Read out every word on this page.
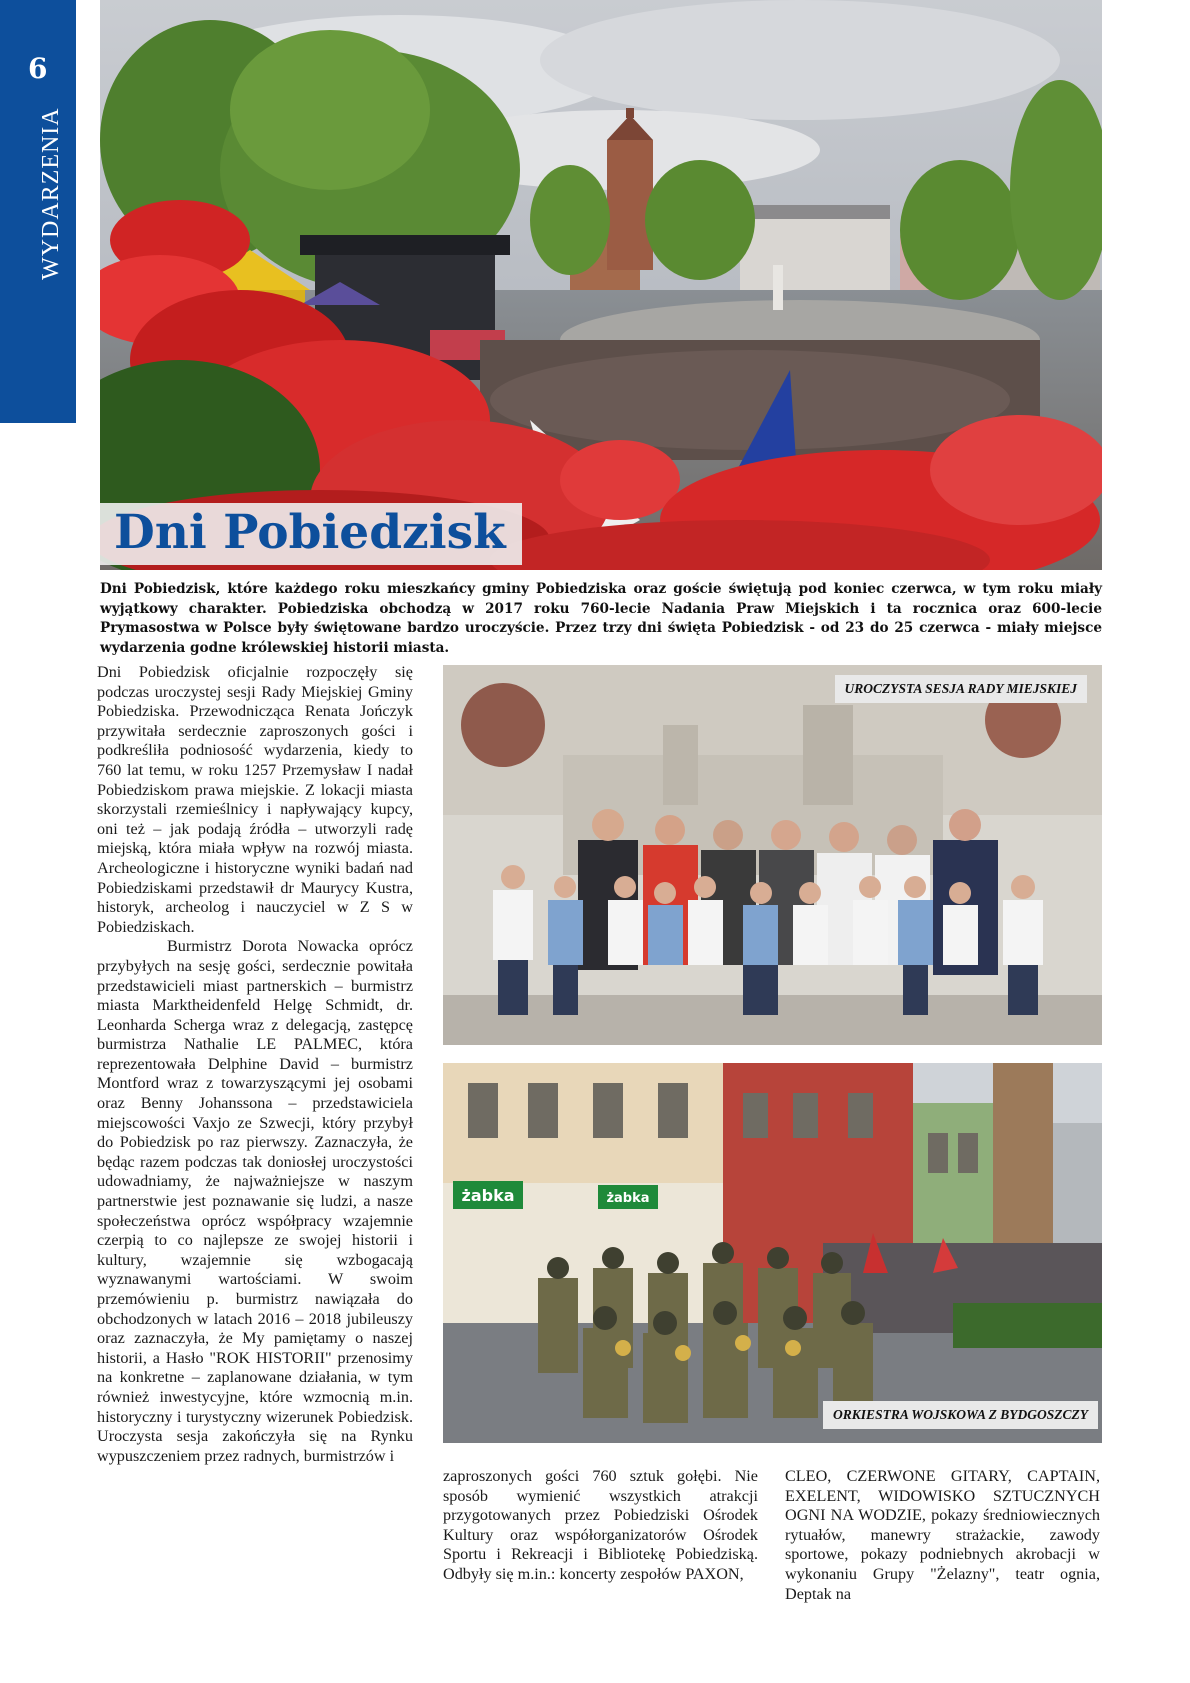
6
WYDARZENIA
Dni Pobiedzisk
Dni Pobiedzisk, które każdego roku mieszkańcy gminy Pobiedziska oraz goście świętują pod koniec czerwca, w tym roku miały wyjątkowy charakter. Pobiedziska obchodzą w 2017 roku 760-lecie Nadania Praw Miejskich i ta rocznica oraz 600-lecie Prymasostwa w Polsce były świętowane bardzo uroczyście. Przez trzy dni święta Pobiedzisk - od 23 do 25 czerwca - miały miejsce wydarzenia godne królewskiej historii miasta.

Dni Pobiedzisk oficjalnie rozpoczęły się podczas uroczystej sesji Rady Miejskiej Gminy Pobiedziska. Przewodnicząca Renata Jończyk przywitała serdecznie zaproszonych gości i podkreśliła podniosość wydarzenia, kiedy to 760 lat temu, w roku 1257 Przemysław I nadał Pobiedziskom prawa miejskie. Z lokacji miasta skorzystali rzemieślnicy i napływający kupcy, oni też – jak podają źródła – utworzyli radę miejską, która miała wpływ na rozwój miasta. Archeologiczne i historyczne wyniki badań nad Pobiedziskami przedstawił dr Maurycy Kustra, historyk, archeolog i nauczyciel w Z S w Pobiedziskach.

Burmistrz Dorota Nowacka oprócz przybyłych na sesję gości, serdecznie powitała przedstawicieli miast partnerskich – burmistrz miasta Marktheidenfeld Helgę Schmidt, dr. Leonharda Scherga wraz z delegacją, zastępcę burmistrza Nathalie LE PALMEC, która reprezentowała Delphine David – burmistrz Montford wraz z towarzyszącymi jej osobami oraz Benny Johanssona – przedstawiciela miejscowości Vaxjo ze Szwecji, który przybył do Pobiedzisk po raz pierwszy. Zaznaczyła, że będąc razem podczas tak doniosłej uroczystości udowadniamy, że najważniejsze w naszym partnerstwie jest poznawanie się ludzi, a nasze społeczeństwa oprócz współpracy wzajemnie czerpią to co najlepsze ze swojej historii i kultury, wzajemnie się wzbogacają wyznawanymi wartościami. W swoim przemówieniu p. burmistrz nawiązała do obchodzonych w latach 2016 – 2018 jubileuszy oraz zaznaczyła, że My pamiętamy o naszej historii, a Hasło "ROK HISTORII" przenosimy na konkretne – zaplanowane działania, w tym również inwestycyjne, które wzmocnią m.in. historyczny i turystyczny wizerunek Pobiedzisk. Uroczysta sesja zakończyła się na Rynku wypuszczeniem przez radnych, burmistrzów i

UROCZYSTA SESJA RADY MIEJSKIEJ
żabka	żabka
ORKIESTRA WOJSKOWA Z BYDGOSZCZY
zaproszonych gości 760 sztuk gołębi. Nie sposób wymienić wszystkich atrakcji przygotowanych przez Pobiedziski Ośrodek Kultury oraz współorganizatorów Ośrodek Sportu i Rekreacji i Bibliotekę Pobiedziską. Odbyły się m.in.: koncerty zespołów PAXON,
CLEO, CZERWONE GITARY, CAPTAIN, EXELENT, WIDOWISKO SZTUCZNYCH OGNI NA WODZIE, pokazy średniowiecznych rytuałów, manewry strażackie, zawody sportowe, pokazy podniebnych akrobacji w wykonaniu Grupy "Żelazny", teatr ognia, Deptak na
